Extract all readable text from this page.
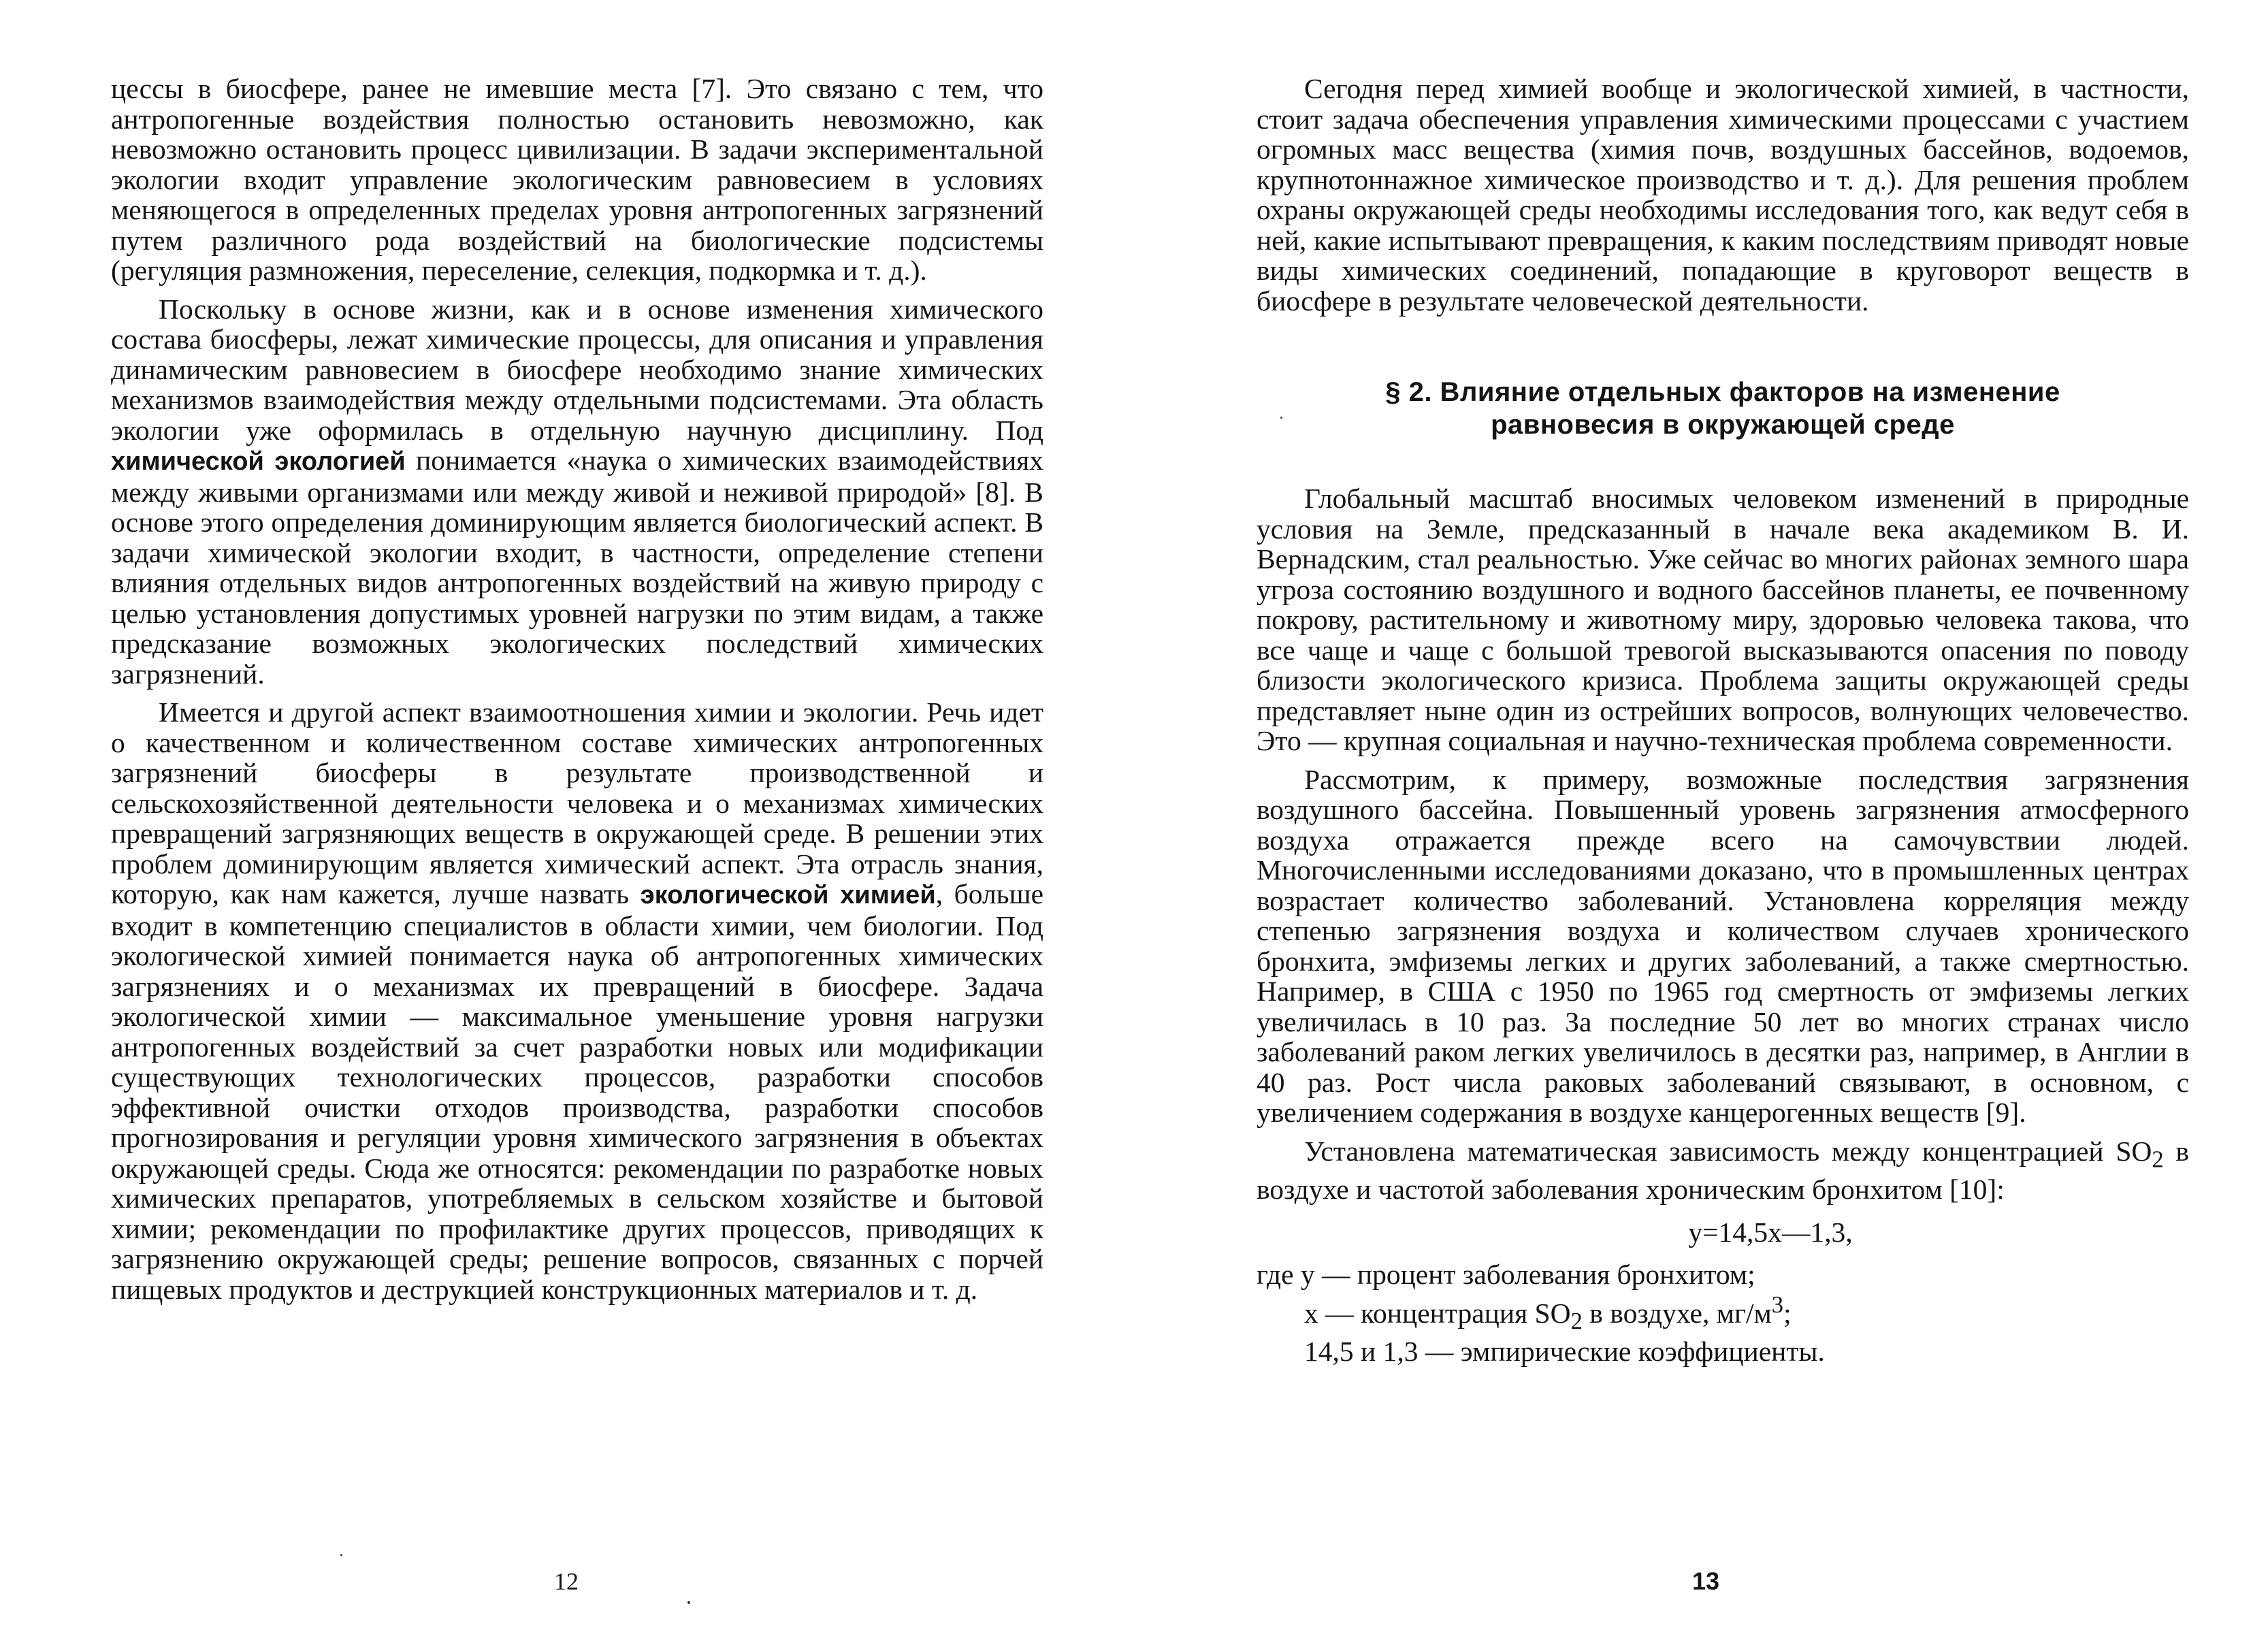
цессы в биосфере, ранее не имевшие места [7]. Это связано с тем, что антропогенные воздействия полностью остановить невозможно, как невозможно остановить процесс цивилизации. В задачи экспериментальной экологии входит управление экологическим равновесием в условиях меняющегося в определенных пределах уровня антропогенных загрязнений путем различного рода воздействий на биологические подсистемы (регуляция размножения, переселение, селекция, подкормка и т. д.).

Поскольку в основе жизни, как и в основе изменения химического состава биосферы, лежат химические процессы, для описания и управления динамическим равновесием в биосфере необходимо знание химических механизмов взаимодействия между отдельными подсистемами. Эта область экологии уже оформилась в отдельную научную дисциплину. Под химической экологией понимается «наука о химических взаимодействиях между живыми организмами или между живой и неживой природой» [8]. В основе этого определения доминирующим является биологический аспект. В задачи химической экологии входит, в частности, определение степени влияния отдельных видов антропогенных воздействий на живую природу с целью установления допустимых уровней нагрузки по этим видам, а также предсказание возможных экологических последствий химических загрязнений.

Имеется и другой аспект взаимоотношения химии и экологии. Речь идет о качественном и количественном составе химических антропогенных загрязнений биосферы в результате производственной и сельскохозяйственной деятельности человека и о механизмах химических превращений загрязняющих веществ в окружающей среде. В решении этих проблем доминирующим является химический аспект. Эта отрасль знания, которую, как нам кажется, лучше назвать экологической химией, больше входит в компетенцию специалистов в области химии, чем биологии. Под экологической химией понимается наука об антропогенных химических загрязнениях и о механизмах их превращений в биосфере. Задача экологической химии — максимальное уменьшение уровня нагрузки антропогенных воздействий за счет разработки новых или модификации существующих технологических процессов, разработки способов эффективной очистки отходов производства, разработки способов прогнозирования и регуляции уровня химического загрязнения в объектах окружающей среды. Сюда же относятся: рекомендации по разработке новых химических препаратов, употребляемых в сельском хозяйстве и бытовой химии; рекомендации по профилактике других процессов, приводящих к загрязнению окружающей среды; решение вопросов, связанных с порчей пищевых продуктов и деструкцией конструкционных материалов и т. д.

12

Сегодня перед химией вообще и экологической химией, в частности, стоит задача обеспечения управления химическими процессами с участием огромных масс вещества (химия почв, воздушных бассейнов, водоемов, крупнотоннажное химическое производство и т. д.). Для решения проблем охраны окружающей среды необходимы исследования того, как ведут себя в ней, какие испытывают превращения, к каким последствиям приводят новые виды химических соединений, попадающие в круговорот веществ в биосфере в результате человеческой деятельности.

§ 2. Влияние отдельных факторов на изменение
равновесия в окружающей среде

Глобальный масштаб вносимых человеком изменений в природные условия на Земле, предсказанный в начале века академиком В. И. Вернадским, стал реальностью. Уже сейчас во многих районах земного шара угроза состоянию воздушного и водного бассейнов планеты, ее почвенному покрову, растительному и животному миру, здоровью человека такова, что все чаще и чаще с большой тревогой высказываются опасения по поводу близости экологического кризиса. Проблема защиты окружающей среды представляет ныне один из острейших вопросов, волнующих человечество. Это — крупная социальная и научно-техническая проблема современности.

Рассмотрим, к примеру, возможные последствия загрязнения воздушного бассейна. Повышенный уровень загрязнения атмосферного воздуха отражается прежде всего на самочувствии людей. Многочисленными исследованиями доказано, что в промышленных центрах возрастает количество заболеваний. Установлена корреляция между степенью загрязнения воздуха и количеством случаев хронического бронхита, эмфиземы легких и других заболеваний, а также смертностью. Например, в США с 1950 по 1965 год смертность от эмфиземы легких увеличилась в 10 раз. За последние 50 лет во многих странах число заболеваний раком легких увеличилось в десятки раз, например, в Англии в 40 раз. Рост числа раковых заболеваний связывают, в основном, с увеличением содержания в воздухе канцерогенных веществ [9].

Установлена математическая зависимость между концентрацией $SO_2$ в воздухе и частотой заболевания хроническим бронхитом [10]:

y=14,5x—1,3,

где y — процент заболевания бронхитом;

x — концентрация $SO_2$ в воздухе, $мг/м^3$;

14,5 и 1,3 — эмпирические коэффициенты.

13
